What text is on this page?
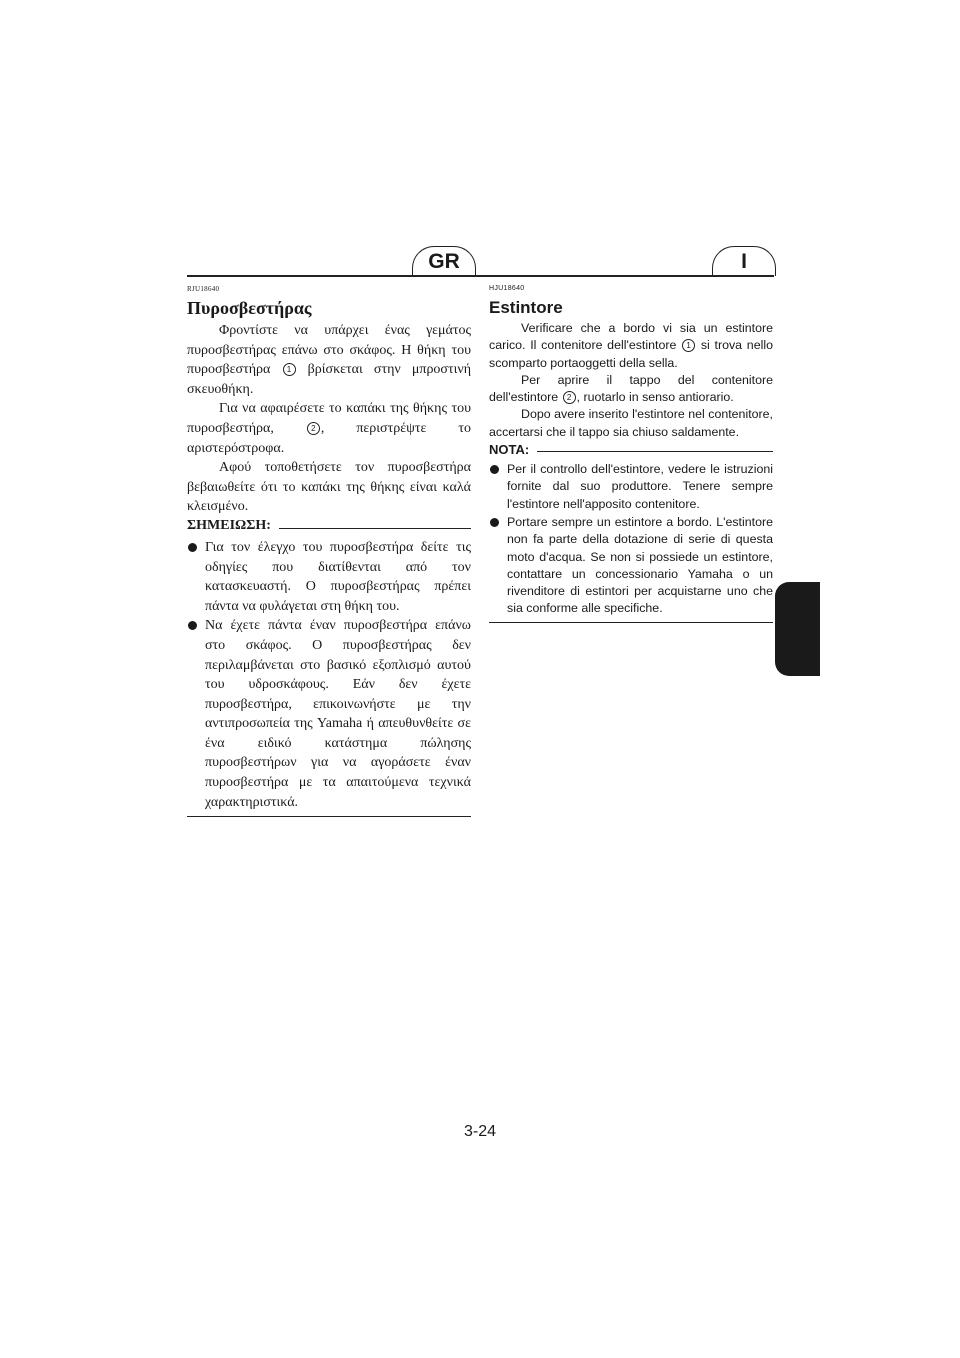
GR	I
RJU18640
Πυροσβεστήρας

Φροντίστε να υπάρχει ένας γεμάτος πυροσβεστήρας επάνω στο σκάφος. Η θήκη του πυροσβεστήρα 1 βρίσκεται στην μπροστινή σκευοθήκη.

Για να αφαιρέσετε το καπάκι της θήκης του πυροσβεστήρα,	2 , περιστρέψτε το αριστερόστροφα.

Αφού τοποθετήσετε τον πυροσβεστήρα βεβαιωθείτε ότι το καπάκι της θήκης είναι καλά κλεισμένο.

ΣΗΜΕΙΩΣΗ:
Για τον έλεγχο του πυροσβεστήρα δείτε τις οδηγίες που διατίθενται από τον κατασκευαστή. Ο πυροσβεστήρας πρέπει πάντα να φυλάγεται στη θήκη του.
Να έχετε πάντα έναν πυροσβεστήρα επάνω στο σκάφος. Ο πυροσβεστήρας δεν περιλαμβάνεται στο βασικό εξοπλισμό αυτού του υδροσκάφους. Εάν δεν έχετε πυροσβεστήρα, επικοινωνήστε με την αντιπροσωπεία της Yamaha ή απευθυνθείτε σε ένα ειδικό κατάστημα πώλησης πυροσβεστήρων για να αγοράσετε έναν πυροσβεστήρα με τα απαιτούμενα τεχνικά χαρακτηριστικά.
HJU18640
Estintore

Verificare che a bordo vi sia un estintore carico. Il contenitore dell'estintore 1 si trova nello scomparto portaoggetti della sella.

Per aprire il tappo del contenitore dell'estintore 2 , ruotarlo in senso antiorario.

Dopo avere inserito l'estintore nel contenitore, accertarsi che il tappo sia chiuso saldamente.

NOTA:
Per il controllo dell'estintore, vedere le istruzioni fornite dal suo produttore. Tenere sempre l'estintore nell'apposito contenitore.
Portare sempre un estintore a bordo. L'estintore non fa parte della dotazione di serie di questa moto d'acqua. Se non si possiede un estintore, contattare un concessionario Yamaha o un rivenditore di estintori per acquistarne uno che sia conforme alle specifiche.
3-24
